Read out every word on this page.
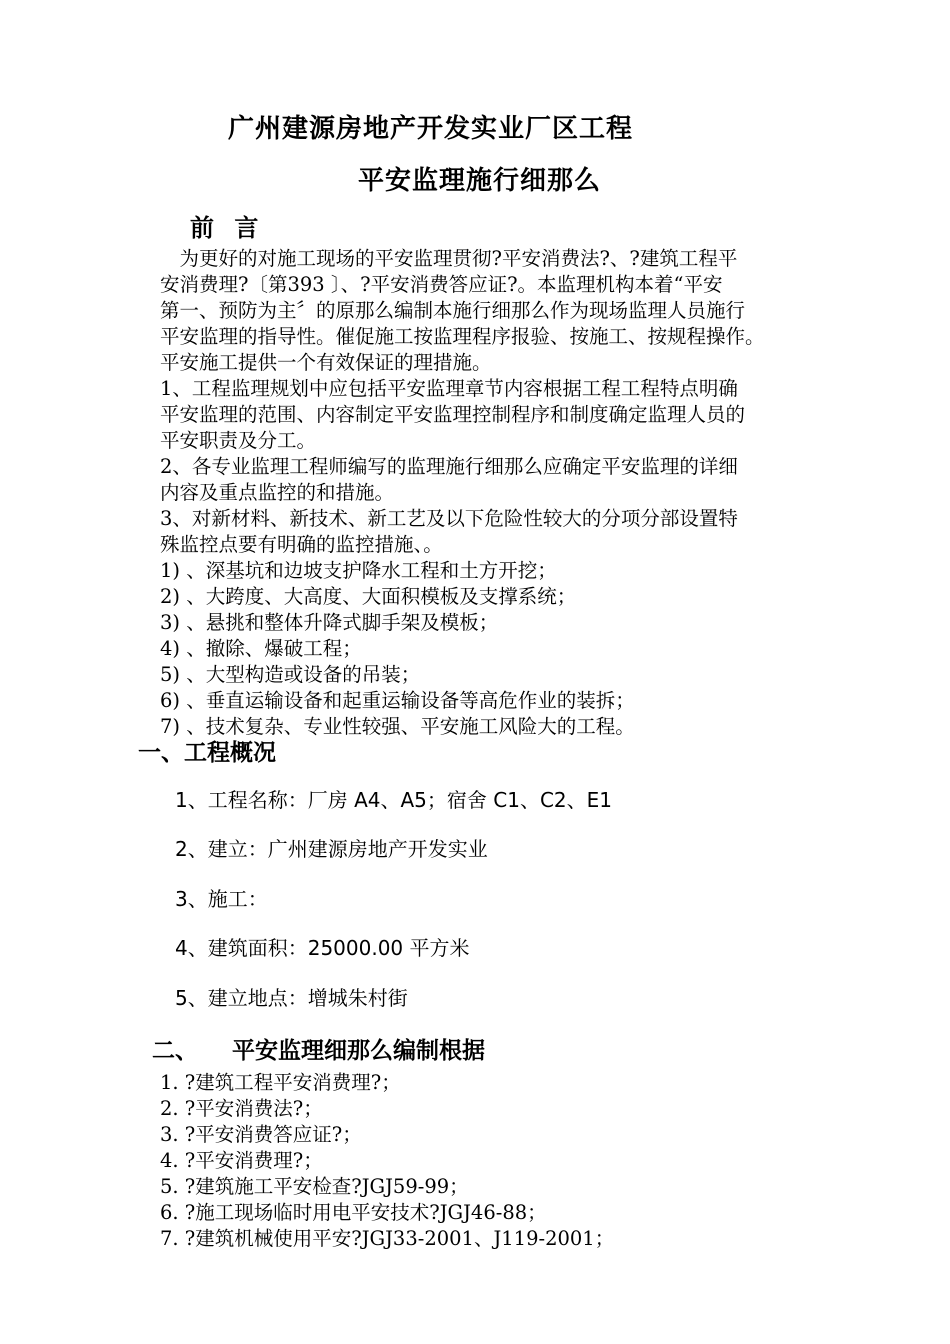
广州建源房地产开发实业厂区工程
平安监理施行细那么
前 言
　为更好的对施工现场的平安监理贯彻?平安消费法?、?建筑工程平
安消费理?〔第393 〕、?平安消费答应证?。本监理机构本着“平安
第一、预防为主〞的原那么编制本施行细那么作为现场监理人员施行
平安监理的指导性。催促施工按监理程序报验、按施工、按规程操作。
平安施工提供一个有效保证的理措施。
1、工程监理规划中应包括平安监理章节内容根据工程工程特点明确
平安监理的范围、内容制定平安监理控制程序和制度确定监理人员的
平安职责及分工。
2、各专业监理工程师编写的监理施行细那么应确定平安监理的详细
内容及重点监控的和措施。
3、对新材料、新技术、新工艺及以下危险性较大的分项分部设置特
殊监控点要有明确的监控措施、。
1) 、深基坑和边坡支护降水工程和土方开挖；
2) 、大跨度、大高度、大面积模板及支撑系统；
3) 、悬挑和整体升降式脚手架及模板；
4) 、撤除、爆破工程；
5) 、大型构造或设备的吊装；
6) 、垂直运输设备和起重运输设备等高危作业的装拆；
7) 、技术复杂、专业性较强、平安施工风险大的工程。
一、工程概况
1、工程名称：厂房 A4、A5；宿舍 C1、C2、E1
2、建立：广州建源房地产开发实业
3、施工：
4、建筑面积：25000.00 平方米
5、建立地点：增城朱村街
二、 平安监理细那么编制根据
1. ?建筑工程平安消费理?；
2. ?平安消费法?；
3. ?平安消费答应证?；
4. ?平安消费理?；
5. ?建筑施工平安检查?JGJ59-99；
6. ?施工现场临时用电平安技术?JGJ46-88；
7. ?建筑机械使用平安?JGJ33-2001、J119-2001；
